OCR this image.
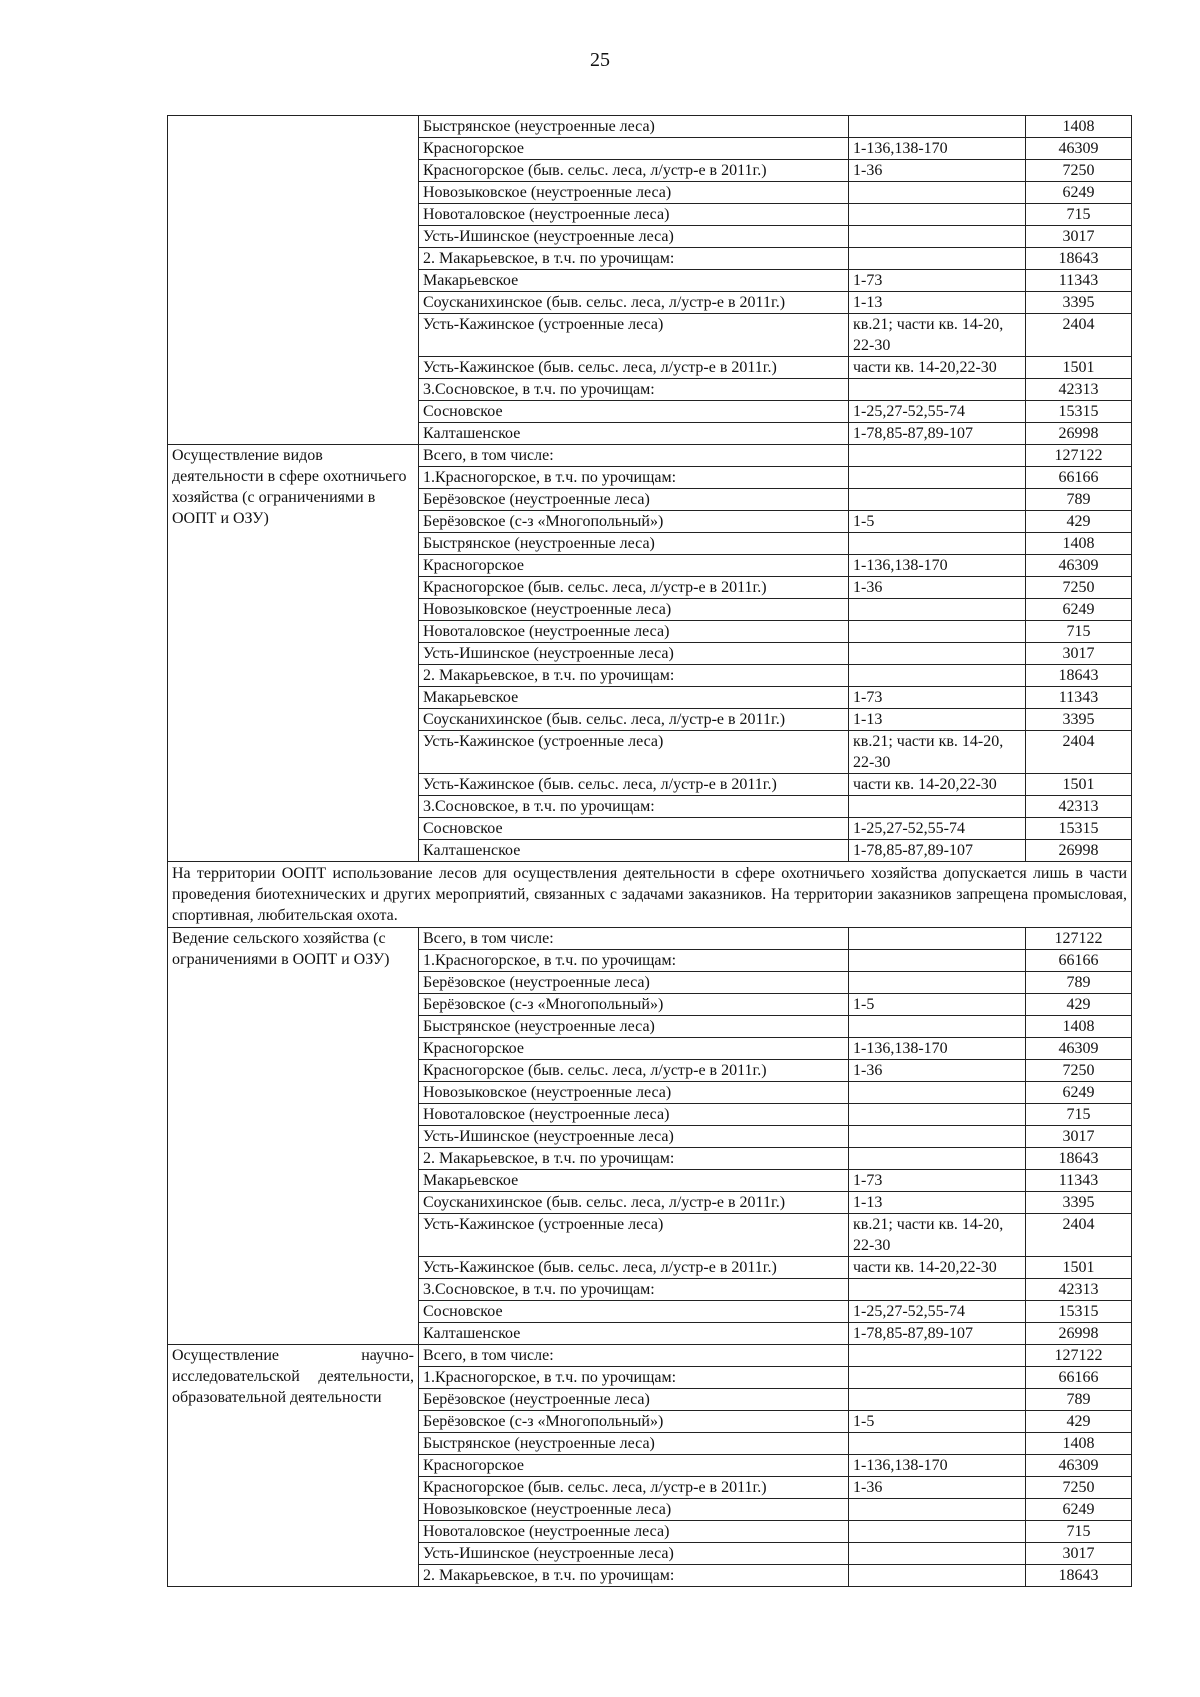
25
	Быстрянское (неустроенные леса)		1408
	Красногорское	1-136,138-170	46309
	Красногорское (быв. сельс. леса, л/устр-е в 2011г.)	1-36	7250
	Новозыковское (неустроенные леса)		6249
	Новоталовское (неустроенные леса)		715
	Усть-Ишинское (неустроенные леса)		3017
	2. Макарьевское, в т.ч. по урочищам:		18643
	Макарьевское	1-73	11343
	Соусканихинское (быв. сельс. леса, л/устр-е в 2011г.)	1-13	3395
	Усть-Кажинское (устроенные леса)	кв.21; части кв. 14-20, 22-30	2404
	Усть-Кажинское (быв. сельс. леса, л/устр-е в 2011г.)	части кв. 14-20,22-30	1501
	3.Сосновское, в т.ч. по урочищам:		42313
	Сосновское	1-25,27-52,55-74	15315
	Калташенское	1-78,85-87,89-107	26998
Осуществление видов деятельности в сфере охотничьего хозяйства (с ограничениями в ООПТ и ОЗУ)	Всего, в том числе:		127122
	1.Красногорское, в т.ч. по урочищам:		66166
	Берёзовское (неустроенные леса)		789
	Берёзовское (с-з «Многопольный»)	1-5	429
	Быстрянское (неустроенные леса)		1408
	Красногорское	1-136,138-170	46309
	Красногорское (быв. сельс. леса, л/устр-е в 2011г.)	1-36	7250
	Новозыковское (неустроенные леса)		6249
	Новоталовское (неустроенные леса)		715
	Усть-Ишинское (неустроенные леса)		3017
	2. Макарьевское, в т.ч. по урочищам:		18643
	Макарьевское	1-73	11343
	Соусканихинское (быв. сельс. леса, л/устр-е в 2011г.)	1-13	3395
	Усть-Кажинское (устроенные леса)	кв.21; части кв. 14-20, 22-30	2404
	Усть-Кажинское (быв. сельс. леса, л/устр-е в 2011г.)	части кв. 14-20,22-30	1501
	3.Сосновское, в т.ч. по урочищам:		42313
	Сосновское	1-25,27-52,55-74	15315
	Калташенское	1-78,85-87,89-107	26998
На территории ООПТ использование лесов для осуществления деятельности в сфере охотничьего хозяйства допускается лишь в части проведения биотехнических и других мероприятий, связанных с задачами заказников. На территории заказников запрещена промысловая, спортивная, любительская охота.			
Ведение сельского хозяйства (с ограничениями в ООПТ и ОЗУ)	Всего, в том числе:		127122
	1.Красногорское, в т.ч. по урочищам:		66166
	Берёзовское (неустроенные леса)		789
	Берёзовское (с-з «Многопольный»)	1-5	429
	Быстрянское (неустроенные леса)		1408
	Красногорское	1-136,138-170	46309
	Красногорское (быв. сельс. леса, л/устр-е в 2011г.)	1-36	7250
	Новозыковское (неустроенные леса)		6249
	Новоталовское (неустроенные леса)		715
	Усть-Ишинское (неустроенные леса)		3017
	2. Макарьевское, в т.ч. по урочищам:		18643
	Макарьевское	1-73	11343
	Соусканихинское (быв. сельс. леса, л/устр-е в 2011г.)	1-13	3395
	Усть-Кажинское (устроенные леса)	кв.21; части кв. 14-20, 22-30	2404
	Усть-Кажинское (быв. сельс. леса, л/устр-е в 2011г.)	части кв. 14-20,22-30	1501
	3.Сосновское, в т.ч. по урочищам:		42313
	Сосновское	1-25,27-52,55-74	15315
	Калташенское	1-78,85-87,89-107	26998
Осуществление научно-исследовательской деятельности, образовательной деятельности	Всего, в том числе:		127122
	1.Красногорское, в т.ч. по урочищам:		66166
	Берёзовское (неустроенные леса)		789
	Берёзовское (с-з «Многопольный»)	1-5	429
	Быстрянское (неустроенные леса)		1408
	Красногорское	1-136,138-170	46309
	Красногорское (быв. сельс. леса, л/устр-е в 2011г.)	1-36	7250
	Новозыковское (неустроенные леса)		6249
	Новоталовское (неустроенные леса)		715
	Усть-Ишинское (неустроенные леса)		3017
	2. Макарьевское, в т.ч. по урочищам:		18643
